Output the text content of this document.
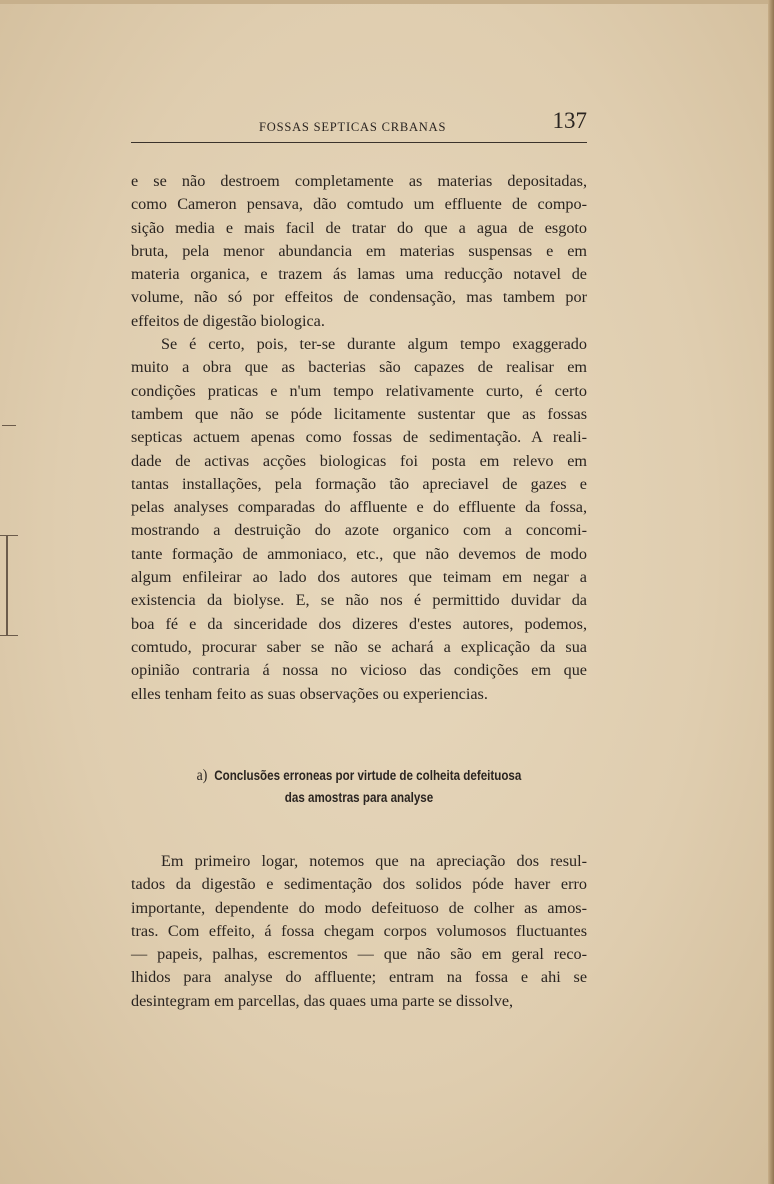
FOSSAS SEPTICAS CRBANAS	137
e se não destroem completamente as materias depositadas,
como Cameron pensava, dão comtudo um effluente de compo-
sição media e mais facil de tratar do que a agua de esgoto
bruta, pela menor abundancia em materias suspensas e em
materia organica, e trazem ás lamas uma reducção notavel de
volume, não só por effeitos de condensação, mas tambem por
effeitos de digestão biologica.
Se é certo, pois, ter-se durante algum tempo exaggerado
muito a obra que as bacterias são capazes de realisar em
condições praticas e n'um tempo relativamente curto, é certo
tambem que não se póde licitamente sustentar que as fossas
septicas actuem apenas como fossas de sedimentação. A reali-
dade de activas acções biologicas foi posta em relevo em
tantas installações, pela formação tão apreciavel de gazes e
pelas analyses comparadas do affluente e do effluente da fossa,
mostrando a destruição do azote organico com a concomi-
tante formação de ammoniaco, etc., que não devemos de modo
algum enfileirar ao lado dos autores que teimam em negar a
existencia da biolyse. E, se não nos é permittido duvidar da
boa fé e da sinceridade dos dizeres d'estes autores, podemos,
comtudo, procurar saber se não se achará a explicação da sua
opinião contraria á nossa no vicioso das condições em que
elles tenham feito as suas observações ou experiencias.
a) Conclusões erroneas por virtude de colheita defeituosa
das amostras para analyse
Em primeiro logar, notemos que na apreciação dos resul-
tados da digestão e sedimentação dos solidos póde haver erro
importante, dependente do modo defeituoso de colher as amos-
tras. Com effeito, á fossa chegam corpos volumosos fluctuantes
— papeis, palhas, escrementos — que não são em geral reco-
lhidos para analyse do affluente; entram na fossa e ahi se
desintegram em parcellas, das quaes uma parte se dissolve,
